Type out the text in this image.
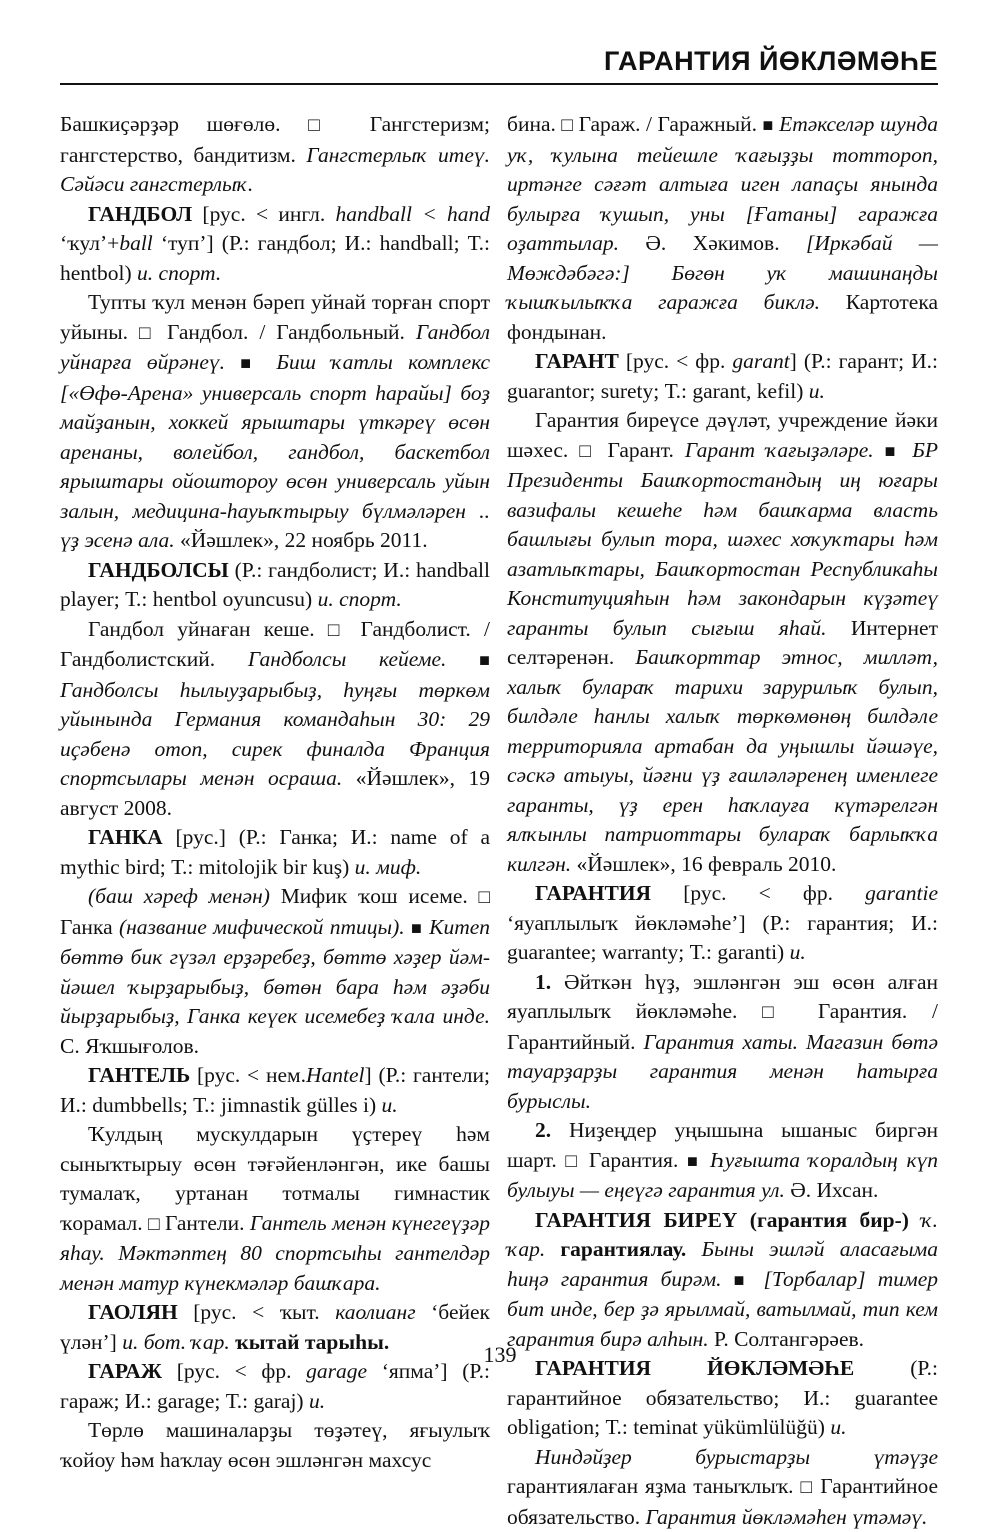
ГАРАНТИЯ ЙӨКЛӘМӘҺЕ

Башкиҫәрҙәр шөғөлө. □ Гангстеризм; гангстерство, бандитизм. Гангстерлыҡ итеү. Сәйәси гангстерлыҡ.

ГАНДБОЛ [рус. < ингл. handball < hand ‘ҡул’+ball ‘туп’] (Р.: гандбол; И.: handball; Т.: hentbol) и. спорт.

Тупты ҡул менән бәреп уйнай торған спорт уйыны. □ Гандбол. / Гандбольный. Гандбол уйнарға өйрәнеү. ■ Биш ҡатлы комплекс [«Өфө-Арена» универсаль спорт һарайы] боҙ майҙанын, хоккей ярыштары үткәреү өсөн аренаны, волейбол, гандбол, баскетбол ярыштары ойоштороу өсөн универсаль уйын залын, медицина-һауыҡтырыу бүлмәләрен .. үҙ эсенә ала. «Йәшлек», 22 ноябрь 2011.

ГАНДБОЛСЫ (Р.: гандболист; И.: handball player; Т.: hentbol oyuncusu) и. спорт.

Гандбол уйнаған кеше. □ Гандболист. / Гандболистский. Гандболсы кейеме. ■ Гандболсы һылыуҙарыбыҙ, һуңғы төркөм уйынында Германия командаһын 30: 29 иҫәбенә отоп, сирек финалда Франция спортсылары менән осраша. «Йәшлек», 19 август 2008.

ГАНКА [рус.] (Р.: Ганка; И.: name of a mythic bird; Т.: mitolojik bir kuş) и. миф.

(баш хәреф менән) Мифик ҡош исеме. □ Ганка (название мифической птицы). ■ Китеп бөттө бик гүзәл ерҙәребеҙ, бөттө хәҙер йәм-йәшел ҡырҙарыбыҙ, бөтөн бара һәм әҙәби йырҙарыбыҙ, Ганка кеүек исемебеҙ ҡала инде. С. Яҡшығолов.

ГАНТЕЛЬ [рус. < нем.Hantel] (Р.: гантели; И.: dumbbells; Т.: jimnastik gülles i) и.

Ҡулдың мускулдарын үҫтереү һәм сыныҡтырыу өсөн тәғәйенләнгән, ике башы тумалаҡ, уртанан тотмалы гимнастик ҡорамал. □ Гантели. Гантель менән күнегеүҙәр яһау. Мәктәптең 80 спортсыһы гантелдәр менән матур күнекмәләр башҡара.

ГАОЛЯН [рус. < ҡыт. каолианг ‘бейек үлән’] и. бот. ҡар. ҡытай тарыһы.

ГАРАЖ [рус. < фр. garage ‘япма’] (Р.: гараж; И.: garage; Т.: garaj) и.

Төрлө машиналарҙы төҙәтеү, яғыулыҡ ҡойоу һәм һаҡлау өсөн эшләнгән махсус

бина. □ Гараж. / Гаражный. ■ Етәкселәр шунда уҡ, ҡулына тейешле ҡағыҙҙы тоттороп, иртәнге сәғәт алтыға иген лапаҫы янында булырға ҡушып, уны [Ғатаны] гаражға оҙаттылар. Ә. Хәкимов. [Иркәбай — Мөждәбәгә:] Бөгөн уҡ машинаңды ҡышҡылыҡҡа гаражға биклә. Картотека фондынан.

ГАРАНТ [рус. < фр. garant] (Р.: гарант; И.: guarantor; surety; Т.: garant, kefil) и.

Гарантия биреүсе дәүләт, учреждение йәки шәхес. □ Гарант. Гарант ҡағыҙәләре. ■ БР Президенты Башҡортостандың иң юғары вазифалы кешеһе һәм башҡарма власть башлығы булып тора, шәхес хоҡуҡтары һәм азатлыҡтары, Башҡортостан Республикаһы Конституцияһын һәм закондарын күҙәтеү гаранты булып сығыш яһай. Интернет селтәренән. Башҡорттар этнос, милләт, халыҡ булараҡ тарихи зарурилыҡ булып, билдәле һанлы халыҡ төркөмөнөң билдәле территорияла артабан да уңышлы йәшәүе, сәскә атыуы, йәғни үҙ ғаиләләренең именлеге гаранты, үҙ ерен һаҡлауға күтәрелгән ялҡынлы патриоттары булараҡ барлыҡҡа килгән. «Йәшлек», 16 февраль 2010.

ГАРАНТИЯ [рус. < фр. garantie ‘яуаплылыҡ йөкләмәһе’] (Р.: гарантия; И.: guarantee; warranty; Т.: garanti) и.

1. Әйткән һүҙ, эшләнгән эш өсөн алған яуаплылыҡ йөкләмәһе. □ Гарантия. / Гарантийный. Гарантия хаты. Магазин бөтә тауарҙарҙы гарантия менән һатырға бурыслы.

2. Ниҙеңдер уңышына ышаныс биргән шарт. □ Гарантия. ■ Һуғышта ҡоралдың күп булыуы — еңеүгә гарантия ул. Ә. Ихсан.

ГАРАНТИЯ БИРЕҮ (гарантия бир-) ҡ. ҡар. гарантиялау. Быны эшләй аласағыма һиңә гарантия бирәм. ■ [Торбалар] тимер бит инде, бер ҙә ярылмай, ватылмай, тип кем гарантия бирә алһын. Р. Солтангәрәев.

ГАРАНТИЯ ЙӨКЛӘМӘҺЕ	(Р.: гарантийное обязательство; И.: guarantee obligation; Т.: teminat yükümlülüğü) и.

Ниндәйҙер бурыстарҙы үтәүҙе гарантиялаған яҙма таныҡлыҡ. □ Гарантийное обязательство. Гарантия йөкләмәһен үтәмәү.

139
